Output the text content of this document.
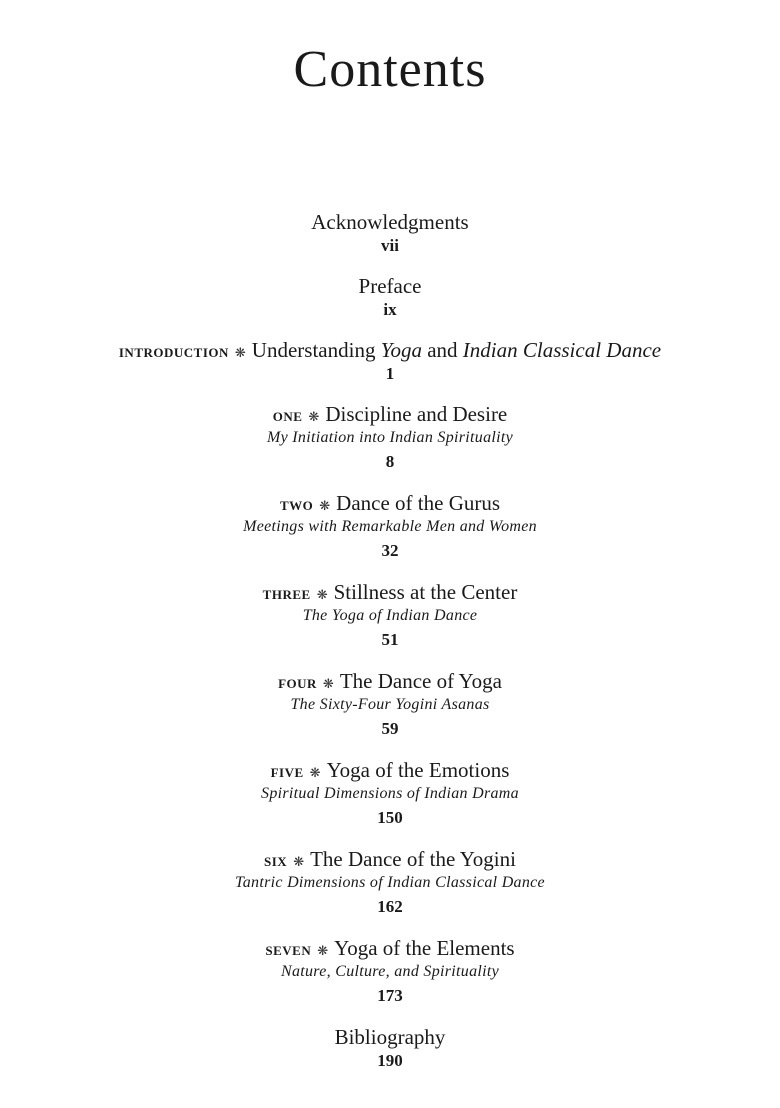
Contents
Acknowledgments
vii
Preface
ix
INTRODUCTION ❋ Understanding Yoga and Indian Classical Dance
1
ONE ❋ Discipline and Desire
My Initiation into Indian Spirituality
8
TWO ❋ Dance of the Gurus
Meetings with Remarkable Men and Women
32
THREE ❋ Stillness at the Center
The Yoga of Indian Dance
51
FOUR ❋ The Dance of Yoga
The Sixty-Four Yogini Asanas
59
FIVE ❋ Yoga of the Emotions
Spiritual Dimensions of Indian Drama
150
SIX ❋ The Dance of the Yogini
Tantric Dimensions of Indian Classical Dance
162
SEVEN ❋ Yoga of the Elements
Nature, Culture, and Spirituality
173
Bibliography
190
